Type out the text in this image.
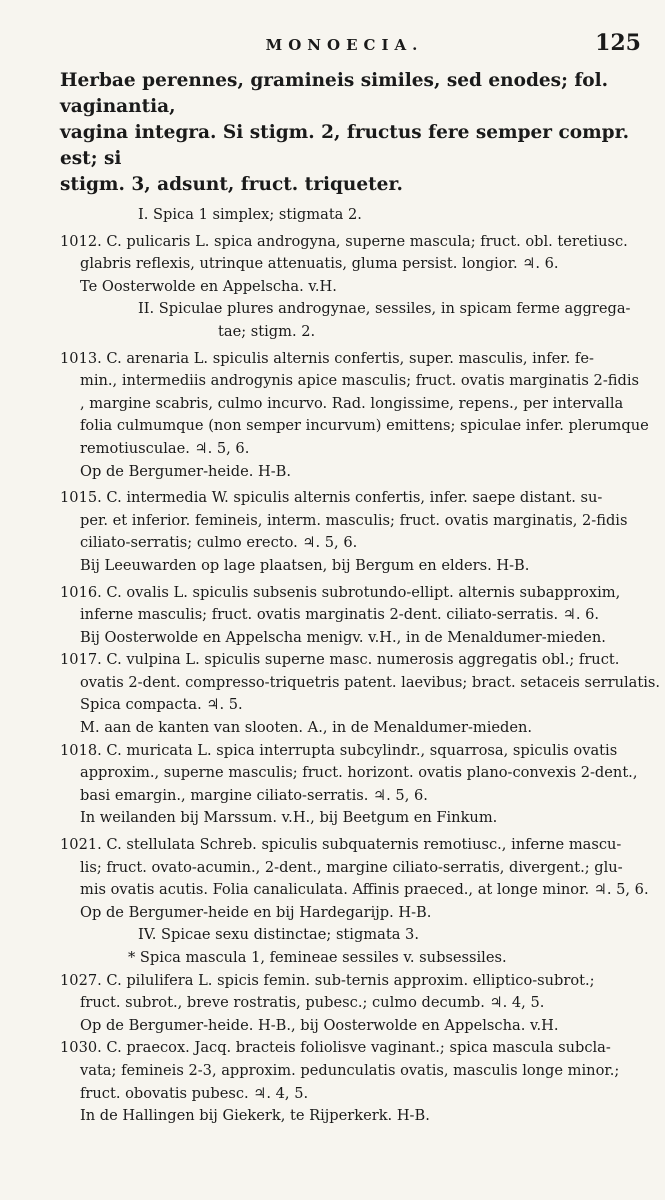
MONOECIA.	125
Herbae perennes, gramineis similes, sed enodes; fol. vaginantia,
vagina integra. Si stigm. 2, fructus fere semper compr. est; si
stigm. 3, adsunt, fruct. triqueter.
I. Spica 1 simplex; stigmata 2.
1012. C. pulicaris L. spica androgyna, superne mascula; fruct. obl. teretiusc.
glabris reflexis, utrinque attenuatis, gluma persist. longior. ♃. 6.
Te Oosterwolde en Appelscha. v.H.
II. Spiculae plures androgynae, sessiles, in spicam ferme aggrega-
tae; stigm. 2.
1013. C. arenaria L. spiculis alternis confertis, super. masculis, infer. fe-
min., intermediis androgynis apice masculis; fruct. ovatis marginatis 2-fidis
, margine scabris, culmo incurvo. Rad. longissime, repens., per intervalla
folia culmumque (non semper incurvum) emittens; spiculae infer. plerumque
remotiusculae. ♃. 5, 6.
Op de Bergumer-heide. H-B.
1015. C. intermedia W. spiculis alternis confertis, infer. saepe distant. su-
per. et inferior. femineis, interm. masculis; fruct. ovatis marginatis, 2-fidis
ciliato-serratis; culmo erecto. ♃. 5, 6.
Bij Leeuwarden op lage plaatsen, bij Bergum en elders. H-B.
1016. C. ovalis L. spiculis subsenis subrotundo-ellipt. alternis subapproxim,
inferne masculis; fruct. ovatis marginatis 2-dent. ciliato-serratis. ♃. 6.
Bij Oosterwolde en Appelscha menigv. v.H., in de Menaldumer-mieden.
1017. C. vulpina L. spiculis superne masc. numerosis aggregatis obl.; fruct.
ovatis 2-dent. compresso-triquetris patent. laevibus; bract. setaceis serrulatis.
Spica compacta. ♃. 5.
M. aan de kanten van slooten. A., in de Menaldumer-mieden.
1018. C. muricata L. spica interrupta subcylindr., squarrosa, spiculis ovatis
approxim., superne masculis; fruct. horizont. ovatis plano-convexis 2-dent.,
basi emargin., margine ciliato-serratis. ♃. 5, 6.
In weilanden bij Marssum. v.H., bij Beetgum en Finkum.
1021. C. stellulata Schreb. spiculis subquaternis remotiusc., inferne mascu-
lis; fruct. ovato-acumin., 2-dent., margine ciliato-serratis, divergent.; glu-
mis ovatis acutis. Folia canaliculata. Affinis praeced., at longe minor. ♃. 5, 6.
Op de Bergumer-heide en bij Hardegarijp. H-B.
IV. Spicae sexu distinctae; stigmata 3.
* Spica mascula 1, femineae sessiles v. subsessiles.
1027. C. pilulifera L. spicis femin. sub-ternis approxim. elliptico-subrot.;
fruct. subrot., breve rostratis, pubesc.; culmo decumb. ♃. 4, 5.
Op de Bergumer-heide. H-B., bij Oosterwolde en Appelscha. v.H.
1030. C. praecox. Jacq. bracteis foliolisve vaginant.; spica mascula subcla-
vata; femineis 2-3, approxim. pedunculatis ovatis, masculis longe minor.;
fruct. obovatis pubesc. ♃. 4, 5.
In de Hallingen bij Giekerk, te Rijperkerk. H-B.
